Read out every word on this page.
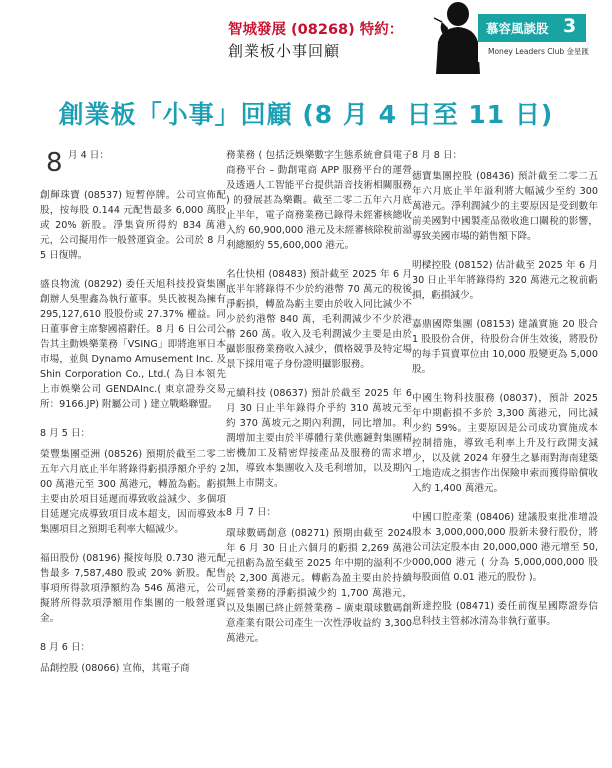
智城發展 (08268) 特約：
創業板小事回顧
慕容風談股 3
Money Leaders Club 金星匯
創業板「小事」回顧 (8 月 4 日至 11 日)
8 月 4 日：

創輝珠寶 (08537) 短暫停牌。公司宣佈配股，按每股 0.144 元配售最多 6,000 萬股或 20% 新股。淨集資所得約 834 萬港元，公司擬用作一般營運資金。公司於 8 月 5 日復牌。

盛良物流 (08292) 委任天旭科技投資集團創辦人吳聖鑫為執行董事。吳氏被視為擁有 295,127,610 股股份或 27.37% 權益。同日董事會主席黎國禧辭任。8 月 6 日公司公告其主動娛樂業務「VSING」即將進軍日本市場，並與 Dynamo Amusement Inc. 及 Shin Corporation Co., Ltd.( 為日本領先上市娛樂公司 GENDAInc.( 東京證券交易所：9166.JP) 附屬公司 ) 建立戰略聯盟。

8 月 5 日：

榮豐集團亞洲 (08526) 預期於截至二零二五年六月底止半年將錄得虧損淨額介乎約 200 萬港元至 300 萬港元，轉盈為虧。虧損主要由於項目延遲而導致收益減少、多個項目延遲完成導致項目成本超支，因而導致本集團項目之預期毛利率大幅減少。

福田股份 (08196) 擬按每股 0.730 港元配售最多 7,587,480 股或 20% 新股。配售事項所得款項淨額約為 546 萬港元，公司擬將所得款項淨額用作集團的一般營運資金。

8 月 6 日：

品創控股 (08066) 宣佈，其電子商

務業務 ( 包括泛娛樂數字生態系統會員電子商務平台 – 動創電商 APP 服務平台的運營及透過人工智能平台提供語音技術相關服務 ) 的發展甚為樂觀。截至二零二五年六月底止半年，電子商務業務已錄得未經審核總收入約 60,900,000 港元及未經審核除稅前溢利總額約 55,600,000 港元。

名仕快相 (08483) 預計截至 2025 年 6 月底半年將錄得不少於約港幣 70 萬元的稅後淨虧損，轉盈為虧主要由於收入同比減少不少於約港幣 840 萬，毛利潤減少不少於港幣 260 萬。收入及毛利潤減少主要是由於攝影服務業務收入減少，價格競爭及特定場景下採用電子身份證明攝影服務。

元續科技 (08637) 預計於截至 2025 年 6 月 30 日止半年錄得介乎約 310 萬坡元至約 370 萬坡元之期內利潤，同比增加。利潤增加主要由於半導體行業供應鏈對集團精密機加工及精密焊接產品及服務的需求增加，導致本集團收入及毛利增加，以及期內無上市開支。

8 月 7 日：

環球數碼創意 (08271) 預期由截至 2024 年 6 月 30 日止六個月的虧損 2,269 萬港元扭虧為盈至截至 2025 年中期的溢利不少於 2,300 萬港元。轉虧為盈主要由於持續經營業務的淨虧損減少約 1,700 萬港元，以及集團已終止經營業務 – 廣東環球數碼創意產業有限公司產生一次性淨收益約 3,300 萬港元。

8 月 8 日：

德寶集團控股 (08436) 預計截至二零二五年六月底止半年溢利將大幅減少至約 300 萬港元。淨利潤減少的主要原因是受到數年前美國對中國製產品徵收進口關稅的影響，導致美國市場的銷售額下降。

明樑控股 (08152) 估計截至 2025 年 6 月 30 日止半年將錄得約 320 萬港元之稅前虧損，虧損減少。

嘉鼎國際集團 (08153) 建議實施 20 股合 1 股股份合併，待股份合併生效後，將股份的每手買賣單位由 10,000 股變更為 5,000 股。

中國生物科技服務 (08037)，預計 2025 年中期虧損不多於 3,300 萬港元，同比減少約 59%。主要原因是公司成功實施成本控制措施，導致毛利率上升及行政開支減少，以及就 2024 年發生之暴雨對海南建築工地造成之損害作出保險申索而獲得賠償收入約 1,400 萬港元。

中國口腔產業 (08406) 建議股東批准增設股本 3,000,000,000 股新未發行股份，將公司法定股本由 20,000,000 港元增至 50,000,000 港元 ( 分為 5,000,000,000 股每股面值 0.01 港元的股份 )。

新達控股 (08471) 委任前復星國際證券信息科技主管郝冰清為非執行董事。
